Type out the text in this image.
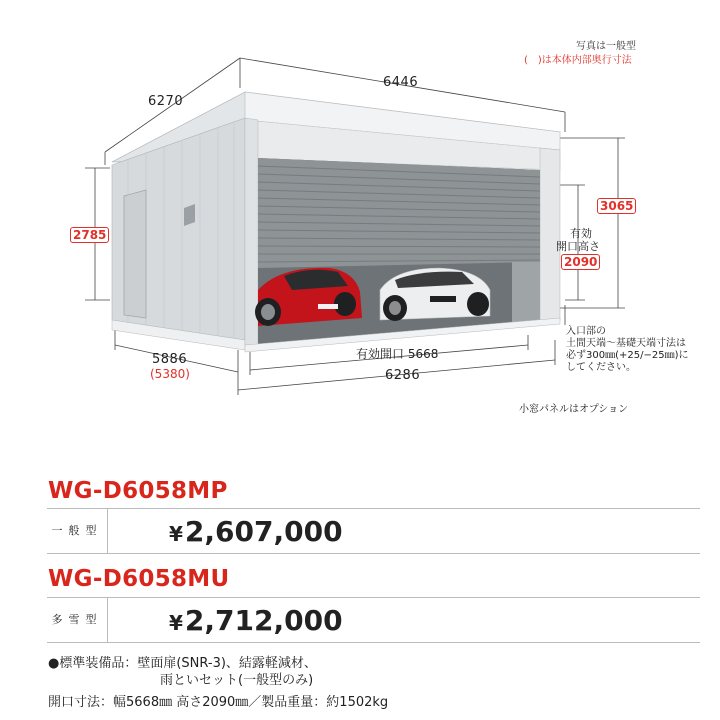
写真は一般型
(　)は本体内部奥行寸法
6270
6446
2785
3065
有効
開口高さ
2090
5886
(5380)
有効開口 5668
6286
入口部の
土間天端～基礎天端寸法は
必ず300㎜(+25/−25㎜)に
してください。
小窓パネルはオプション
WG-D6058MP
一般型	¥2,607,000
WG-D6058MU
多雪型	¥2,712,000
●標準装備品：壁面扉(SNR-3)、結露軽減材、
雨といセット(一般型のみ)
開口寸法：幅5668㎜ 高さ2090㎜／製品重量：約1502kg
